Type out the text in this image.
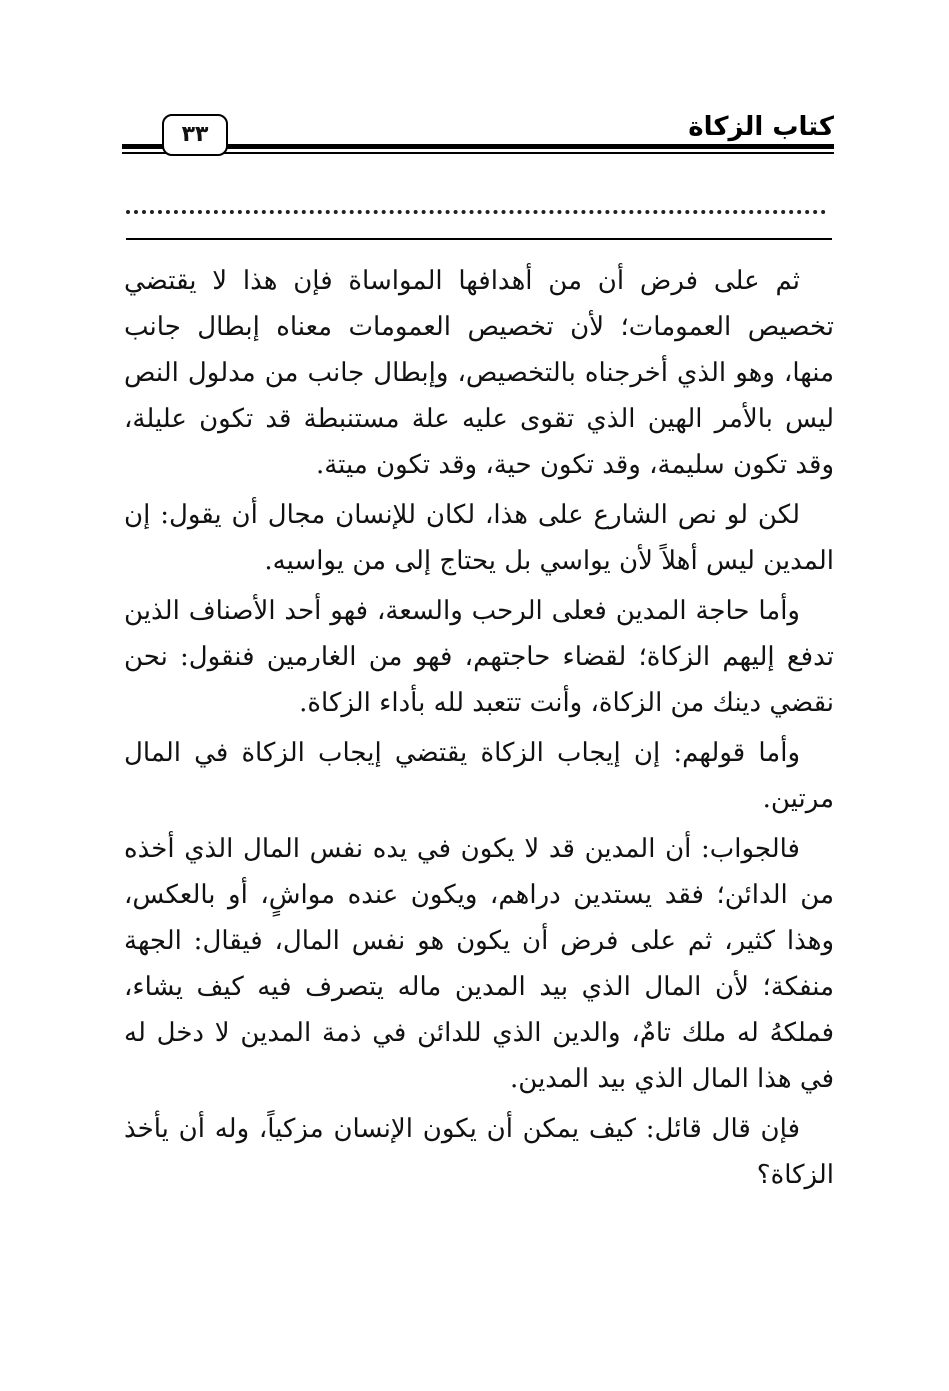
كتاب الزكاة
٣٣

ثم على فرض أن من أهدافها المواساة فإن هذا لا يقتضي تخصيص العمومات؛ لأن تخصيص العمومات معناه إبطال جانب منها، وهو الذي أخرجناه بالتخصيص، وإبطال جانب من مدلول النص ليس بالأمر الهين الذي تقوى عليه علة مستنبطة قد تكون عليلة، وقد تكون سليمة، وقد تكون حية، وقد تكون ميتة.

لكن لو نص الشارع على هذا، لكان للإنسان مجال أن يقول: إن المدين ليس أهلاً لأن يواسي بل يحتاج إلى من يواسيه.

وأما حاجة المدين فعلى الرحب والسعة، فهو أحد الأصناف الذين تدفع إليهم الزكاة؛ لقضاء حاجتهم، فهو من الغارمين فنقول: نحن نقضي دينك من الزكاة، وأنت تتعبد لله بأداء الزكاة.

وأما قولهم: إن إيجاب الزكاة يقتضي إيجاب الزكاة في المال مرتين.

فالجواب: أن المدين قد لا يكون في يده نفس المال الذي أخذه من الدائن؛ فقد يستدين دراهم، ويكون عنده مواشٍ، أو بالعكس، وهذا كثير، ثم على فرض أن يكون هو نفس المال، فيقال: الجهة منفكة؛ لأن المال الذي بيد المدين ماله يتصرف فيه كيف يشاء، فملكهُ له ملك تامٌ، والدين الذي للدائن في ذمة المدين لا دخل له في هذا المال الذي بيد المدين.

فإن قال قائل: كيف يمكن أن يكون الإنسان مزكياً، وله أن يأخذ الزكاة؟
